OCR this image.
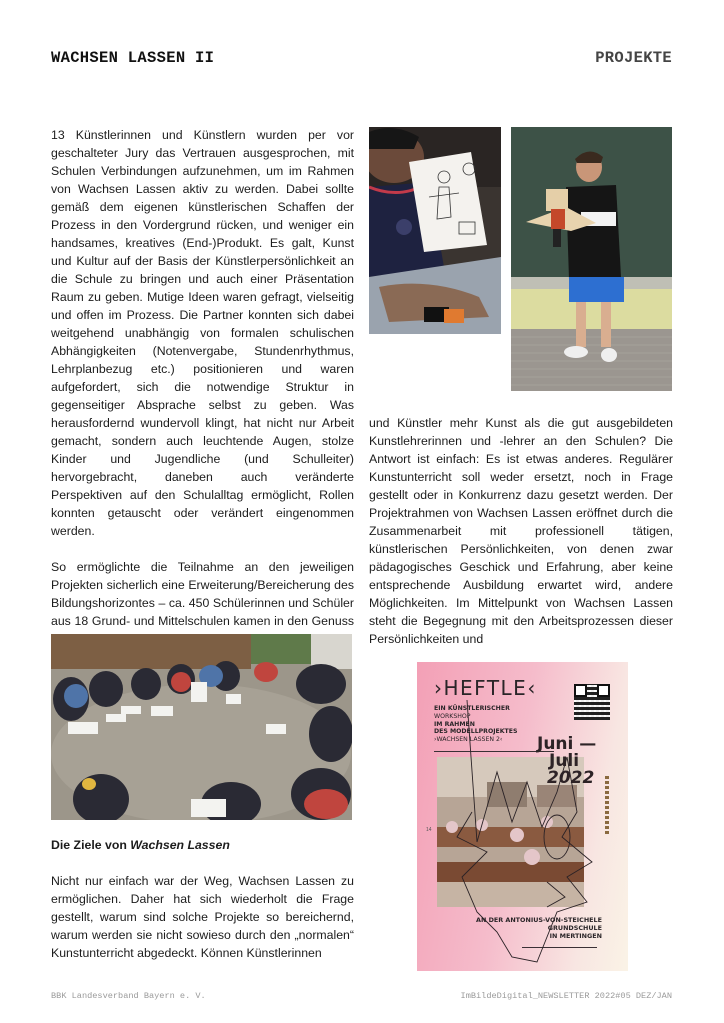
WACHSEN LASSEN II	PROJEKTE

13 Künstlerinnen und Künstlern wurden per vor geschalteter Jury das Vertrauen ausgesprochen, mit Schulen Verbindungen aufzunehmen, um im Rahmen von Wachsen Lassen aktiv zu werden. Dabei sollte gemäß dem eigenen künstlerischen Schaffen der Prozess in den Vordergrund rücken, und weniger ein handsames, kreatives (End-)Produkt. Es galt, Kunst und Kultur auf der Basis der Künstlerpersönlichkeit an die Schule zu bringen und auch einer Präsentation Raum zu geben. Mutige Ideen waren gefragt, vielseitig und offen im Prozess. Die Partner konnten sich dabei weitgehend unabhängig von formalen schulischen Abhängigkeiten (Notenvergabe, Stundenrhythmus, Lehrplanbezug etc.) positionieren und waren aufgefordert, sich die notwendige Struktur in gegenseitiger Absprache selbst zu geben. Was herausfordernd wundervoll klingt, hat nicht nur Arbeit gemacht, sondern auch leuchtende Augen, stolze Kinder und Jugendliche (und Schulleiter) hervorgebracht, daneben auch veränderte Perspektiven auf den Schulalltag ermöglicht, Rollen konnten getauscht oder verändert eingenommen werden.

So ermöglichte die Teilnahme an den jeweiligen Projekten sicherlich eine Erweiterung/Bereicherung des Bildungshorizontes – ca. 450 Schülerinnen und Schüler aus 18 Grund- und Mittelschulen kamen in den Genuss

und Künstler mehr Kunst als die gut ausgebildeten Kunstlehrerinnen und -lehrer an den Schulen? Die Antwort ist einfach: Es ist etwas anderes. Regulärer Kunstunterricht soll weder ersetzt, noch in Frage gestellt oder in Konkurrenz dazu gesetzt werden. Der Projektrahmen von Wachsen Lassen eröffnet durch die Zusammenarbeit mit professionell tätigen, künstlerischen Persönlichkeiten, von denen zwar pädagogisches Geschick und Erfahrung, aber keine entsprechende Ausbildung erwartet wird, andere Möglichkeiten. Im Mittelpunkt von Wachsen Lassen steht die Begegnung mit den Arbeitsprozessen dieser Persönlichkeiten und

Die Ziele von Wachsen Lassen

Nicht nur einfach war der Weg, Wachsen Lassen zu ermöglichen. Daher hat sich wiederholt die Frage gestellt, warum sind solche Projekte so bereichernd, warum werden sie nicht sowieso durch den „normalen“ Kunstunterricht abgedeckt. Können Künstlerinnen

›HEFTLE‹
EIN KÜNSTLERISCHER
WORKSHOP
IM RAHMEN
DES MODELLPROJEKTES
›WACHSEN LASSEN 2‹	Juni —
Juli
2022
14
AN DER ANTONIUS-VON-STEICHELE
GRUNDSCHULE
IN MERTINGEN
BBK Landesverband Bayern e. V.	ImBildeDigital_NEWSLETTER 2022#05 DEZ/JAN
